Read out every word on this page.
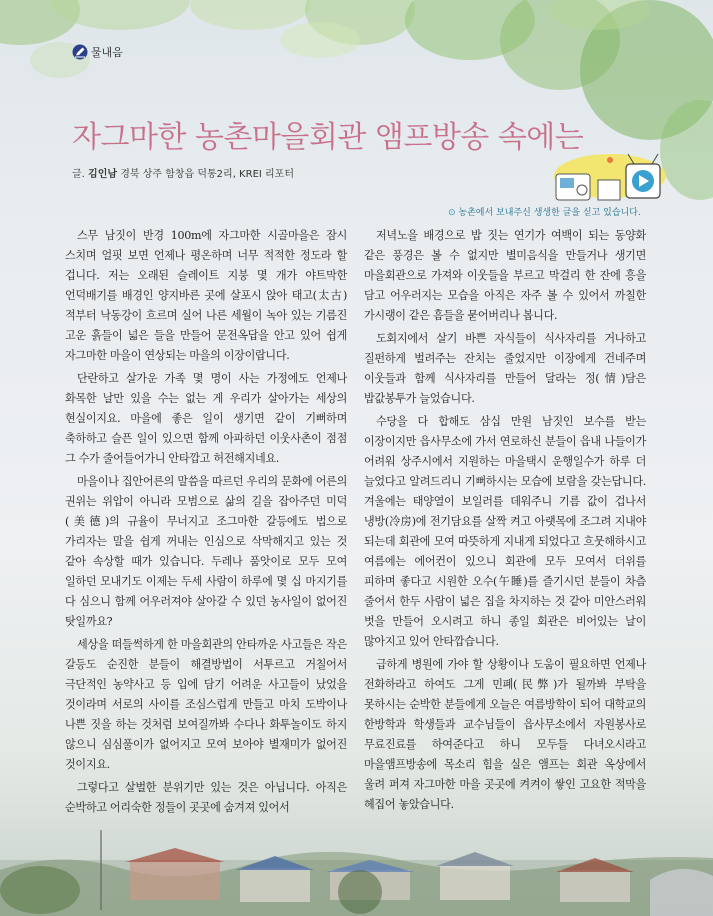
물내음
자그마한 농촌마을회관 앰프방송 속에는
글. 김인남 경북 상주 함창읍 덕통2리, KREI 리포터
⊙ 농촌에서 보내주신 생생한 글을 싣고 있습니다.

스무 남짓이 반경 100m에 자그마한 시골마을은 잠시 스치며 얼핏 보면 언제나 평온하며 너무 적적한 정도라 할 겁니다. 저는 오래된 슬레이트 지붕 몇 개가 야트막한 언덕배기를 배경인 양지바른 곳에 살포시 앉아 태고(太古)적부터 낙동강이 흐르며 실어 나른 세월이 녹아 있는 기름진 고운 흙들이 넓은 들을 만들어 문전옥답을 안고 있어 쉽게 자그마한 마을이 연상되는 마을의 이장이랍니다.

단란하고 살가운 가족 몇 명이 사는 가정에도 언제나 화목한 날만 있을 수는 없는 게 우리가 살아가는 세상의 현실이지요. 마을에 좋은 일이 생기면 같이 기뻐하며 축하하고 슬픈 일이 있으면 함께 아파하던 이웃사촌이 점점 그 수가 줄어들어가니 안타깝고 허전해지네요.

마을이나 집안어른의 말씀을 따르던 우리의 문화에 어른의 권위는 위압이 아니라 모범으로 삶의 길을 잡아주던 미덕(美德)의 규율이 무너지고 조그마한 갈등에도 법으로 가리자는 말을 쉽게 꺼내는 인심으로 삭막해지고 있는 것 같아 속상할 때가 있습니다. 두레나 품앗이로 모두 모여 일하던 모내기도 이제는 두세 사람이 하루에 몇 십 마지기를 다 심으니 함께 어우러져야 살아갈 수 있던 농사일이 없어진 탓일까요?

세상을 떠들썩하게 한 마을회관의 안타까운 사고들은 작은 갈등도 순진한 분들이 해결방법이 서투르고 거칠어서 극단적인 농약사고 등 입에 담기 어려운 사고들이 났었을 것이라며 서로의 사이를 조심스럽게 만들고 마치 도박이나 나쁜 짓을 하는 것처럼 보여질까봐 수다나 화투놀이도 하지 않으니 심심풀이가 없어지고 모여 보아야 별재미가 없어진 것이지요.

그렇다고 살벌한 분위기만 있는 것은 아닙니다. 아직은 순박하고 어리숙한 정들이 곳곳에 숨겨져 있어서

저녁노을 배경으로 밥 짓는 연기가 여백이 되는 동양화 같은 풍경은 볼 수 없지만 별미음식을 만들거나 생기면 마을회관으로 가져와 이웃들을 부르고 막걸리 한 잔에 흥을 담고 어우러지는 모습을 아직은 자주 볼 수 있어서 까칠한 가시랭이 같은 흠들을 묻어버리나 봅니다.

도회지에서 살기 바쁜 자식들이 식사자리를 거나하고 질펀하게 벌려주는 잔치는 줄었지만 이장에게 건네주며 이웃들과 함께 식사자리를 만들어 달라는 정(情)담은 밥값봉투가 늘었습니다.

수당을 다 합해도 삼십 만원 남짓인 보수를 받는 이장이지만 읍사무소에 가서 연로하신 분들이 읍내 나들이가 어려워 상주시에서 지원하는 마을택시 운행일수가 하루 더 늘었다고 알려드리니 기뻐하시는 모습에 보람을 갖는답니다. 겨울에는 태양열이 보일러를 데워주니 기름 값이 겁나서 냉방(冷房)에 전기담요를 살짝 켜고 아랫목에 조그려 지내야 되는데 회관에 모여 따뜻하게 지내게 되었다고 흐뭇해하시고 여름에는 에어컨이 있으니 회관에 모두 모여서 더위를 피하며 좋다고 시원한 오수(午睡)를 즐기시던 분들이 차츰 줄어서 한두 사람이 넓은 집을 차지하는 것 같아 미안스러워 벗을 만들어 오시려고 하니 종일 회관은 비어있는 날이 많아지고 있어 안타깝습니다.

급하게 병원에 가야 할 상황이나 도움이 필요하면 언제나 전화하라고 하여도 그게 민폐(民弊)가 될까봐 부탁을 못하시는 순박한 분들에게 오늘은 여름방학이 되어 대학교의 한방학과 학생들과 교수님들이 읍사무소에서 자원봉사로 무료진료를 하여준다고 하니 모두들 다녀오시라고 마을앰프방송에 목소리 힘을 실은 앰프는 회관 옥상에서 울려 퍼져 자그마한 마을 곳곳에 켜켜이 쌓인 고요한 적막을 헤집어 놓았습니다.
